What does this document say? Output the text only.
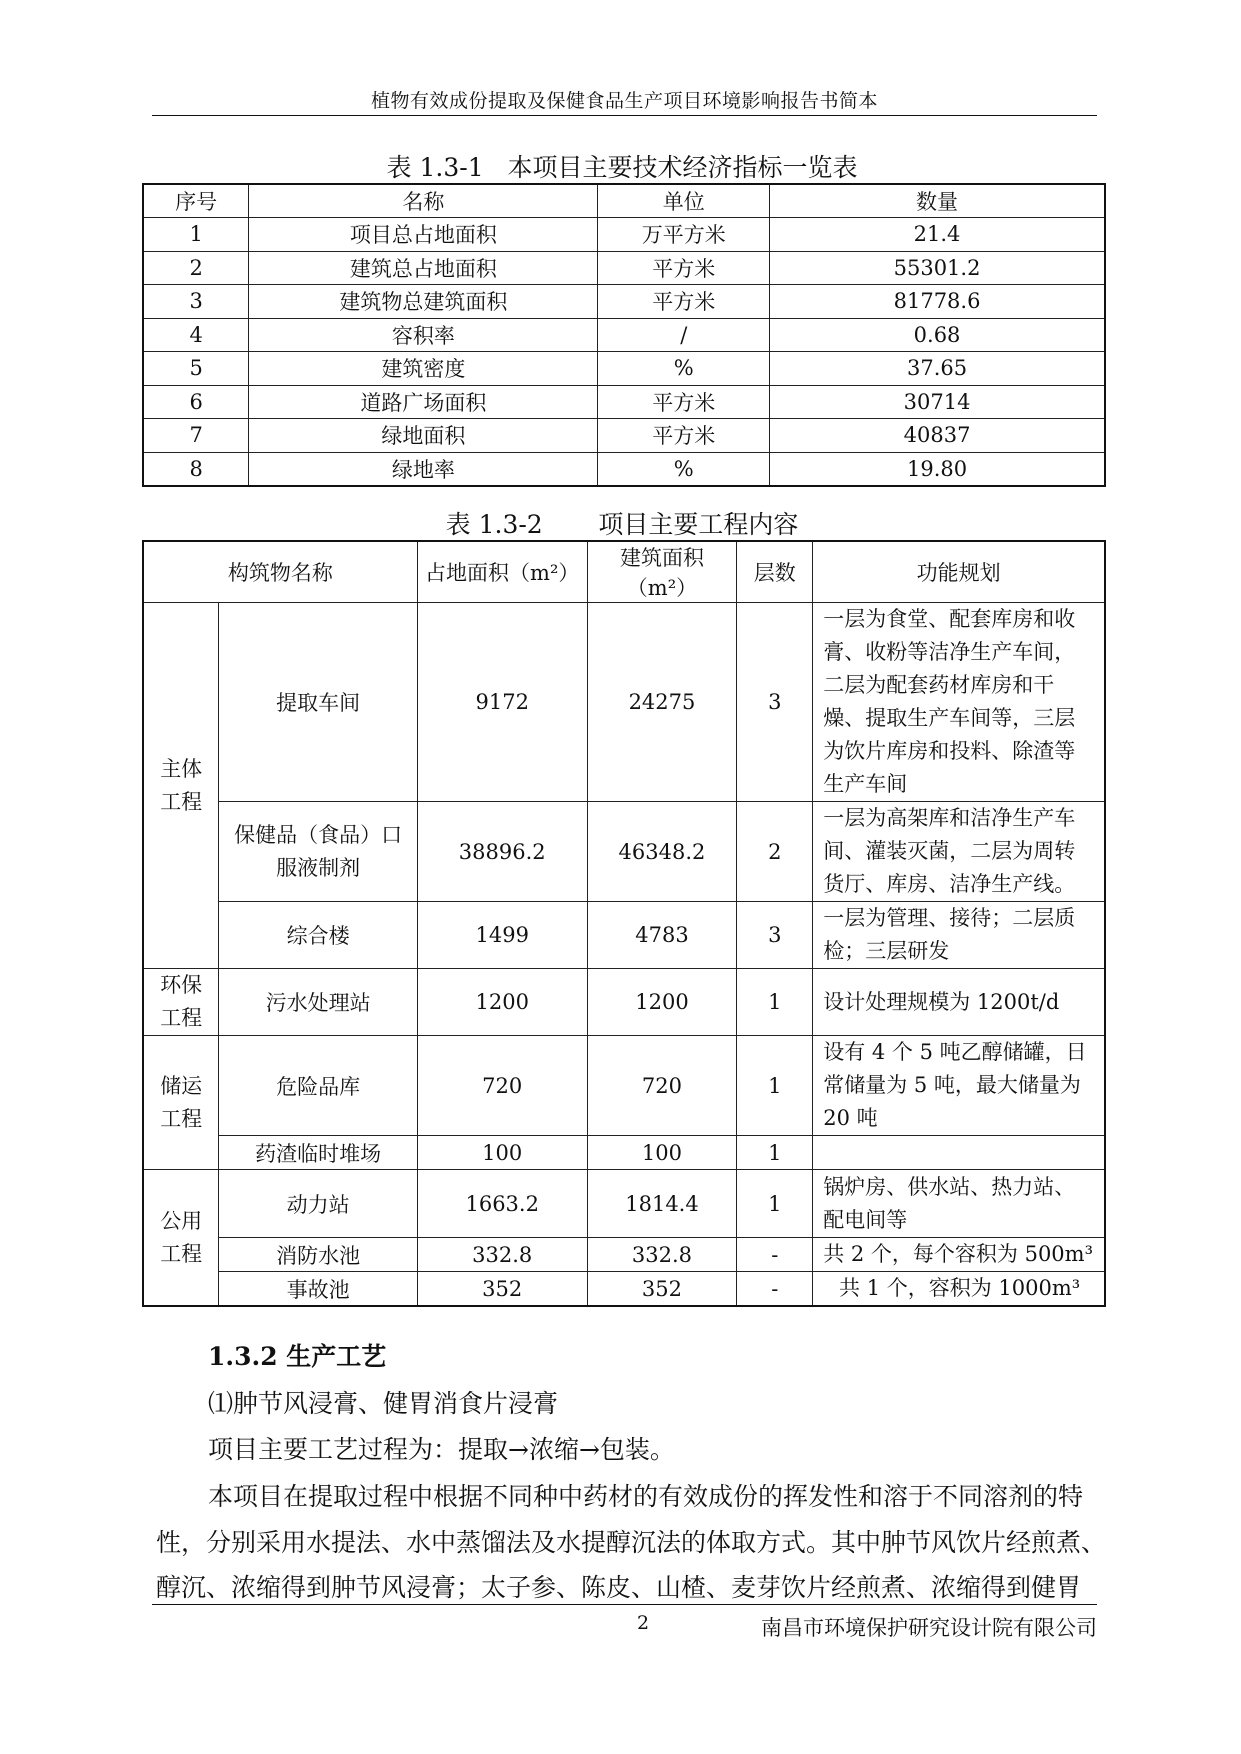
植物有效成份提取及保健食品生产项目环境影响报告书简本
表 1.3-1   本项目主要技术经济指标一览表
序号	名称	单位	数量
1	项目总占地面积	万平方米	21.4
2	建筑总占地面积	平方米	55301.2
3	建筑物总建筑面积	平方米	81778.6
4	容积率	/	0.68
5	建筑密度	%	37.65
6	道路广场面积	平方米	30714
7	绿地面积	平方米	40837
8	绿地率	%	19.80
表 1.3-2       项目主要工程内容
构筑物名称		占地面积（m²）	建筑面积（m²）	层数	功能规划
主体工程	提取车间	9172	24275	3	一层为食堂、配套库房和收膏、收粉等洁净生产车间，二层为配套药材库房和干燥、提取生产车间等，三层为饮片库房和投料、除渣等生产车间
	保健品（食品）口服液制剂	38896.2	46348.2	2	一层为高架库和洁净生产车间、灌装灭菌，二层为周转货厅、库房、洁净生产线。
	综合楼	1499	4783	3	一层为管理、接待；二层质检；三层研发
环保工程	污水处理站	1200	1200	1	设计处理规模为 1200t/d
储运工程	危险品库	720	720	1	设有 4 个 5 吨乙醇储罐，日常储量为 5 吨，最大储量为 20 吨
	药渣临时堆场	100	100	1	
公用工程	动力站	1663.2	1814.4	1	锅炉房、供水站、热力站、配电间等
	消防水池	332.8	332.8	-	共 2 个，每个容积为 500m³
	事故池	352	352	-	共 1 个，容积为 1000m³
1.3.2 生产工艺
⑴肿节风浸膏、健胃消食片浸膏
项目主要工艺过程为：提取→浓缩→包装。
本项目在提取过程中根据不同种中药材的有效成份的挥发性和溶于不同溶剂的特
性，分别采用水提法、水中蒸馏法及水提醇沉法的体取方式。其中肿节风饮片经煎煮、
醇沉、浓缩得到肿节风浸膏；太子参、陈皮、山楂、麦芽饮片经煎煮、浓缩得到健胃
2	南昌市环境保护研究设计院有限公司
